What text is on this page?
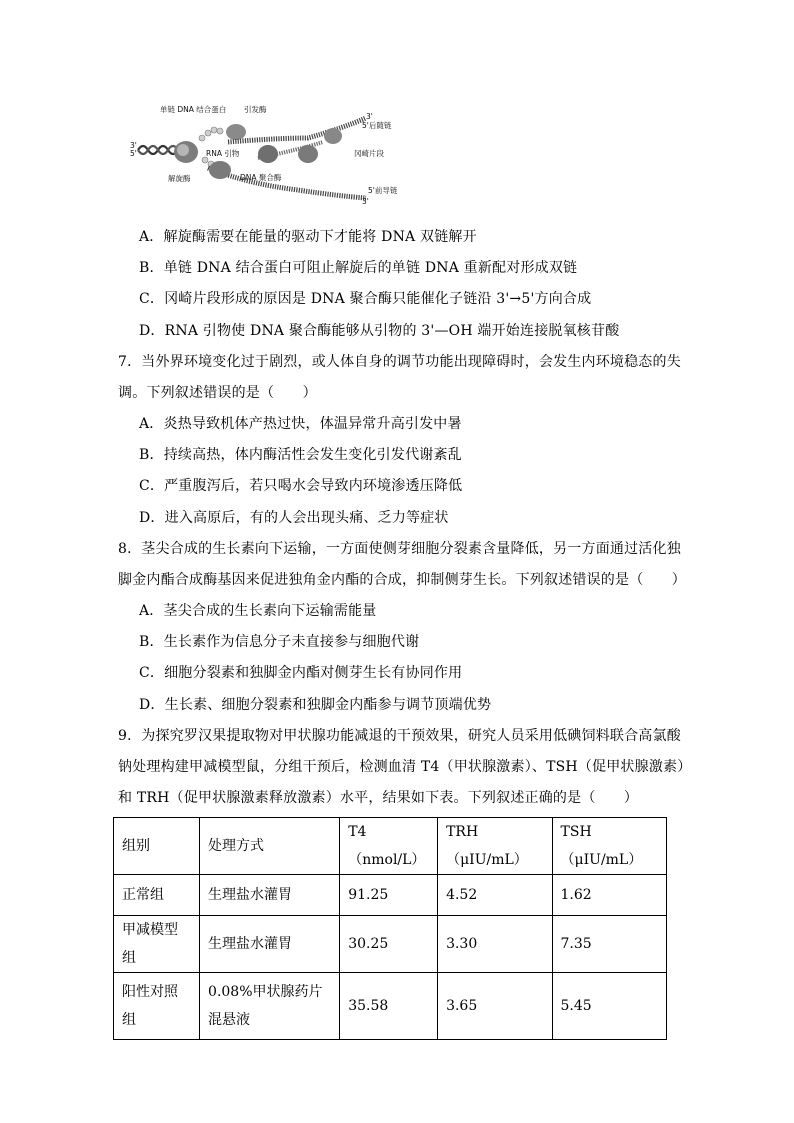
单链 DNA 结合蛋白 引发酶
RNA 引物
解旋酶	DNA 聚合酶
冈崎片段
5'后随链
5'前导链
3'
5'
3'
3'
A．解旋酶需要在能量的驱动下才能将 DNA 双链解开
B．单链 DNA 结合蛋白可阻止解旋后的单链 DNA 重新配对形成双链
C．冈崎片段形成的原因是 DNA 聚合酶只能催化子链沿 3'→5'方向合成
D．RNA 引物使 DNA 聚合酶能够从引物的 3'—OH 端开始连接脱氧核苷酸
7．当外界环境变化过于剧烈，或人体自身的调节功能出现障碍时，会发生内环境稳态的失
调。下列叙述错误的是（　　）
A．炎热导致机体产热过快，体温异常升高引发中暑
B．持续高热，体内酶活性会发生变化引发代谢紊乱
C．严重腹泻后，若只喝水会导致内环境渗透压降低
D．进入高原后，有的人会出现头痛、乏力等症状
8．茎尖合成的生长素向下运输，一方面使侧芽细胞分裂素含量降低，另一方面通过活化独
脚金内酯合成酶基因来促进独角金内酯的合成，抑制侧芽生长。下列叙述错误的是（　　）
A．茎尖合成的生长素向下运输需能量
B．生长素作为信息分子未直接参与细胞代谢
C．细胞分裂素和独脚金内酯对侧芽生长有协同作用
D．生长素、细胞分裂素和独脚金内酯参与调节顶端优势
9．为探究罗汉果提取物对甲状腺功能减退的干预效果，研究人员采用低碘饲料联合高氯酸
钠处理构建甲减模型鼠，分组干预后，检测血清 T4（甲状腺激素）、TSH（促甲状腺激素）
和 TRH（促甲状腺激素释放激素）水平，结果如下表。下列叙述正确的是（　　）
组别	处理方式	T4（nmol/L）	TRH（μIU/mL）	TSH（μIU/mL）
正常组	生理盐水灌胃	91.25	4.52	1.62
甲减模型组	生理盐水灌胃	30.25	3.30	7.35
阳性对照组	0.08%甲状腺药片混悬液	35.58	3.65	5.45
